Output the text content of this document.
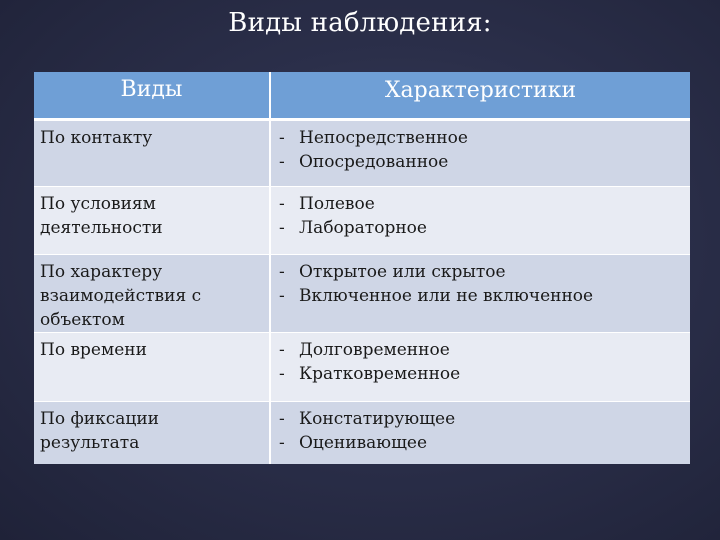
Виды наблюдения:
Виды	Характеристики

По контакту	- Непосредственное
- Опосредованное

По условиям деятельности	- Полевое
- Лабораторное

По характеру взаимодействия с объектом	- Открытое или скрытое
- Включенное или не включенное

По времени	- Долговременное
- Кратковременное

По фиксации результата	- Констатирующее
- Оценивающее
